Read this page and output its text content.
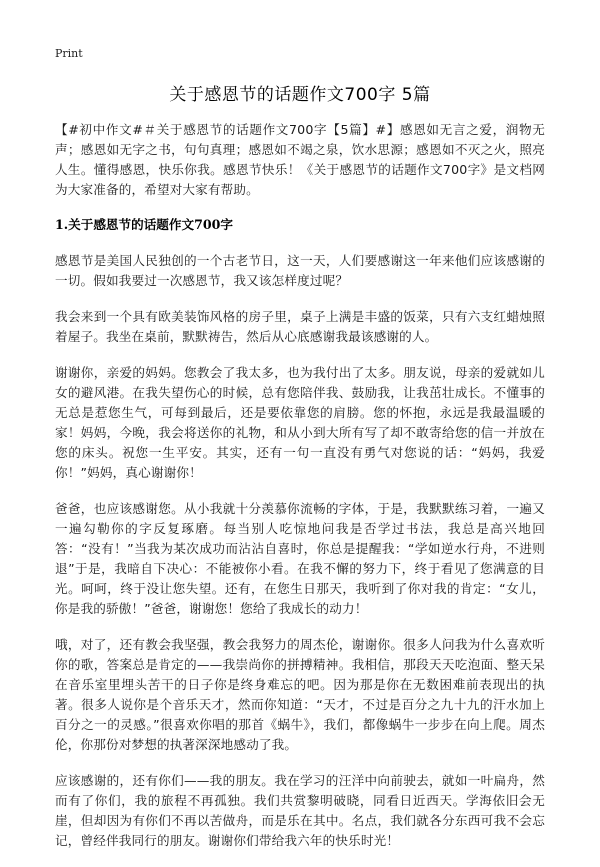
Print
关于感恩节的话题作文700字 5篇

【#初中作文#＃关于感恩节的话题作文700字【5篇】#】感恩如无言之爱，润物无声；感恩如无字之书，句句真理；感恩如不竭之泉，饮水思源；感恩如不灭之火，照亮人生。懂得感恩，快乐你我。感恩节快乐！《关于感恩节的话题作文700字》是文档网为大家准备的，希望对大家有帮助。

1.关于感恩节的话题作文700字

感恩节是美国人民独创的一个古老节日，这一天，人们要感谢这一年来他们应该感谢的一切。假如我要过一次感恩节，我又该怎样度过呢？

我会来到一个具有欧美装饰风格的房子里，桌子上满是丰盛的饭菜，只有六支红蜡烛照着屋子。我坐在桌前，默默祷告，然后从心底感谢我最该感谢的人。

谢谢你，亲爱的妈妈。您教会了我太多，也为我付出了太多。朋友说，母亲的爱就如儿女的避风港。在我失望伤心的时候，总有您陪伴我、鼓励我，让我茁壮成长。不懂事的无总是惹您生气，可每到最后，还是要依靠您的肩膀。您的怀抱，永远是我最温暖的家！妈妈，今晚，我会将送你的礼物，和从小到大所有写了却不敢寄给您的信一并放在您的床头。祝您一生平安。其实，还有一句一直没有勇气对您说的话：“妈妈，我爱你！”妈妈，真心谢谢你！

爸爸，也应该感谢您。从小我就十分羡慕你流畅的字体，于是，我默默练习着，一遍又一遍勾勒你的字反复琢磨。每当别人吃惊地问我是否学过书法，我总是高兴地回答：“没有！”当我为某次成功而沾沾自喜时，你总是提醒我：“学如逆水行舟，不进则退”于是，我暗自下决心：不能被你小看。在我不懈的努力下，终于看见了您满意的目光。呵呵，终于没让您失望。还有，在您生日那天，我听到了你对我的肯定：“女儿，你是我的骄傲！”爸爸，谢谢您！您给了我成长的动力！

哦，对了，还有教会我坚强，教会我努力的周杰伦，谢谢你。很多人问我为什么喜欢听你的歌，答案总是肯定的——我崇尚你的拼搏精神。我相信，那段天天吃泡面、整天呆在音乐室里埋头苦干的日子你是终身难忘的吧。因为那是你在无数困难前表现出的执著。很多人说你是个音乐天才，然而你知道：“天才，不过是百分之九十九的汗水加上百分之一的灵感。”很喜欢你唱的那首《蜗牛》，我们，都像蜗牛一步步在向上爬。周杰伦，你那份对梦想的执著深深地感动了我。

应该感谢的，还有你们——我的朋友。我在学习的汪洋中向前驶去，就如一叶扁舟，然而有了你们，我的旅程不再孤独。我们共赏黎明破晓，同看日近西天。学海依旧会无崖，但却因为有你们不再以苦做舟，而是乐在其中。名点，我们就各分东西可我不会忘记，曾经伴我同行的朋友。谢谢你们带给我六年的快乐时光！
